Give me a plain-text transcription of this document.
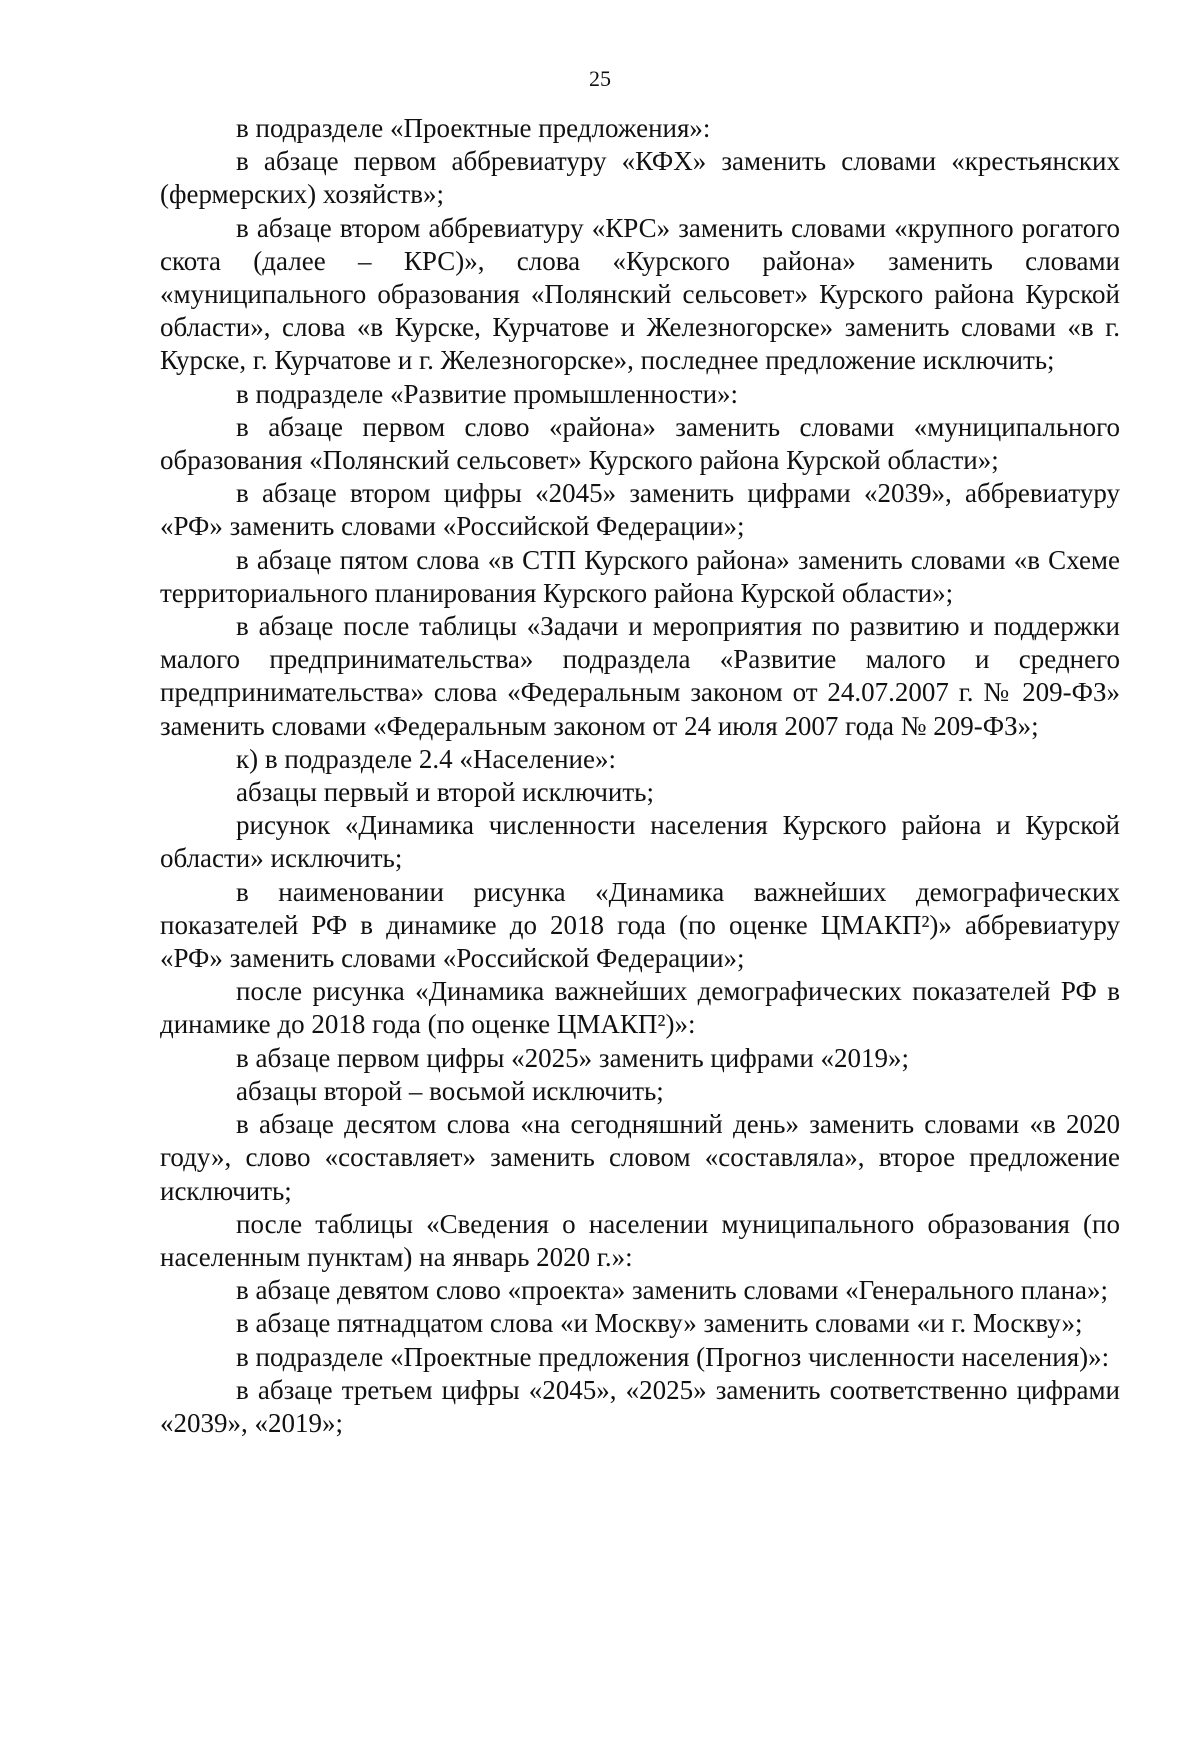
25

в подразделе «Проектные предложения»:

в абзаце первом аббревиатуру «КФХ» заменить словами «крестьянских (фермерских) хозяйств»;

в абзаце втором аббревиатуру «КРС» заменить словами «крупного рогатого скота (далее – КРС)», слова «Курского района» заменить словами «муниципального образования «Полянский сельсовет» Курского района Курской области», слова «в Курске, Курчатове и Железногорске» заменить словами «в г. Курске, г. Курчатове и г. Железногорске», последнее предложение исключить;

в подразделе «Развитие промышленности»:

в абзаце первом слово «района» заменить словами «муниципального образования «Полянский сельсовет» Курского района Курской области»;

в абзаце втором цифры «2045» заменить цифрами «2039», аббревиатуру «РФ» заменить словами «Российской Федерации»;

в абзаце пятом слова «в СТП Курского района» заменить словами «в Схеме территориального планирования Курского района Курской области»;

в абзаце после таблицы «Задачи и мероприятия по развитию и поддержки малого предпринимательства» подраздела «Развитие малого и среднего предпринимательства» слова «Федеральным законом от 24.07.2007 г. № 209-ФЗ» заменить словами «Федеральным законом от 24 июля 2007 года № 209-ФЗ»;

к) в подразделе 2.4 «Население»:

абзацы первый и второй исключить;

рисунок «Динамика численности населения Курского района и Курской области» исключить;

в наименовании рисунка «Динамика важнейших демографических показателей РФ в динамике до 2018 года (по оценке ЦМАКП²)» аббревиатуру «РФ» заменить словами «Российской Федерации»;

после рисунка «Динамика важнейших демографических показателей РФ в динамике до 2018 года (по оценке ЦМАКП²)»:

в абзаце первом цифры «2025» заменить цифрами «2019»;

абзацы второй – восьмой исключить;

в абзаце десятом слова «на сегодняшний день» заменить словами «в 2020 году», слово «составляет» заменить словом «составляла», второе предложение исключить;

после таблицы «Сведения о населении муниципального образования (по населенным пунктам) на январь 2020 г.»:

в абзаце девятом слово «проекта» заменить словами «Генерального плана»;

в абзаце пятнадцатом слова «и Москву» заменить словами «и г. Москву»;

в подразделе «Проектные предложения (Прогноз численности населения)»:

в абзаце третьем цифры «2045», «2025» заменить соответственно цифрами «2039», «2019»;
